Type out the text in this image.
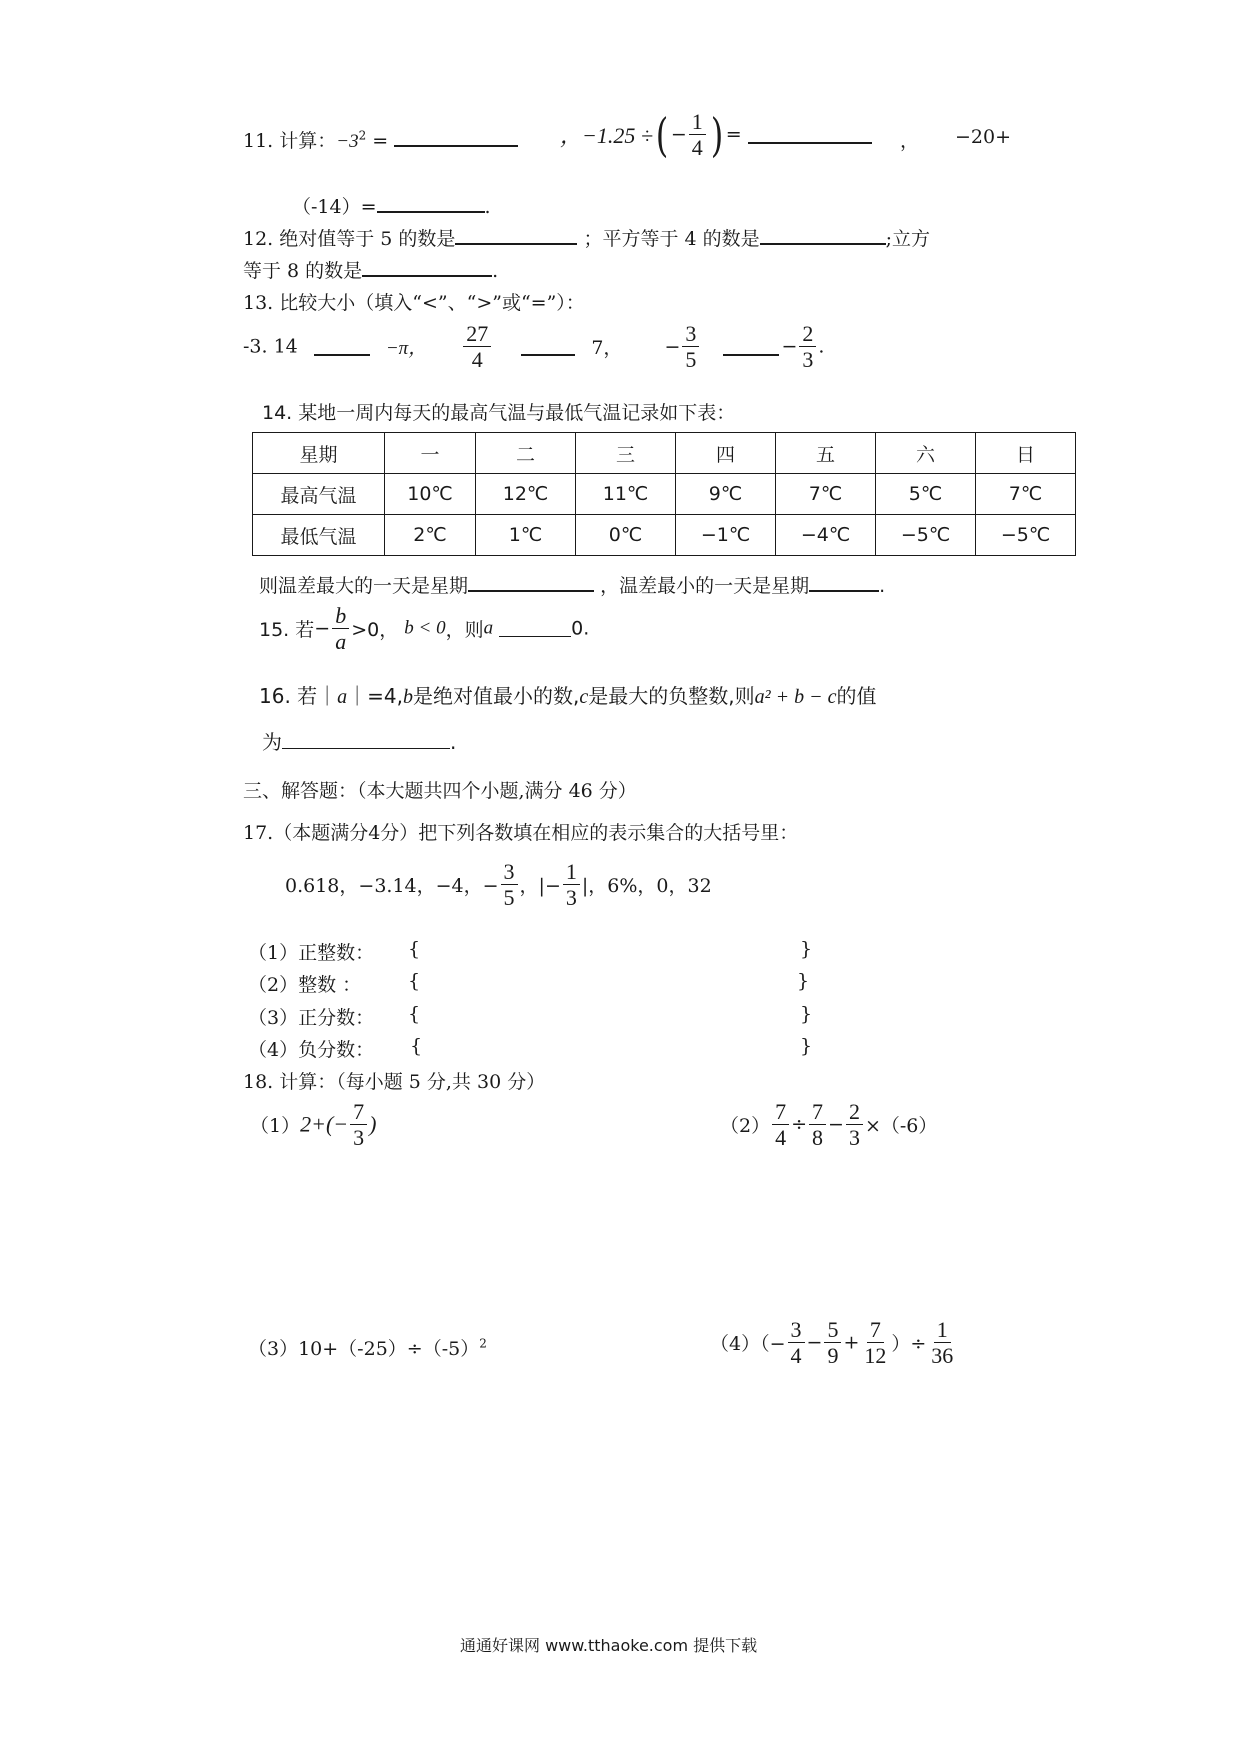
11. 计算：$-3^2$ =	，−1.25 ÷( − $\frac{1}{4}$ ) =	， −20+
（-14）=	.
12. 绝对值等于 5 的数是	；平方等于 4 的数是	;立方
等于 8 的数是	.
13. 比较大小（填入“<”、“>”或“=”）：
-3. 14	−π， $\frac{27}{4}$	7， − $\frac{3}{5}$	− $\frac{2}{3}$ .
14. 某地一周内每天的最高气温与最低气温记录如下表：
星期	一	二	三	四	五	六	日
最高气温	10℃	12℃	11℃	9℃	7℃	5℃	7℃
最低气温	2℃	1℃	0℃	−1℃	−4℃	−5℃	−5℃
则温差最大的一天是星期	，温差最小的一天是星期	.
15. 若− $\frac{b}{a} >0$， b < 0，则a	0.
16. 若｜a｜=4,b是绝对值最小的数,c是最大的负整数,则a² + b − c的值
为	.
三、解答题：（本大题共四个小题,满分 46 分）
17.（本题满分4分）把下列各数填在相应的表示集合的大括号里：
0.618，−3.14，−4，− $\frac{3}{5}$ ，|− $\frac{1}{3}$ |，6%，0，32
（1）正整数： {	}
（2）整数 ： {	}
（3）正分数： {	}
（4）负分数： {	}
18. 计算：（每小题 5 分,共 30 分）
$(1)2+(- \frac{7}{3}$ )	$(2) \frac{7}{4} \div \frac{7}{8} - \frac{2}{3} \times(-6)$
$(3)10+(-25)\div(-5)^2$	$(4)(- \frac{3}{4} - \frac{5}{9} + \frac{7}{12}$ ）÷ $\frac{1}{36}$
通通好课网 www.tthaoke.com 提供下载
